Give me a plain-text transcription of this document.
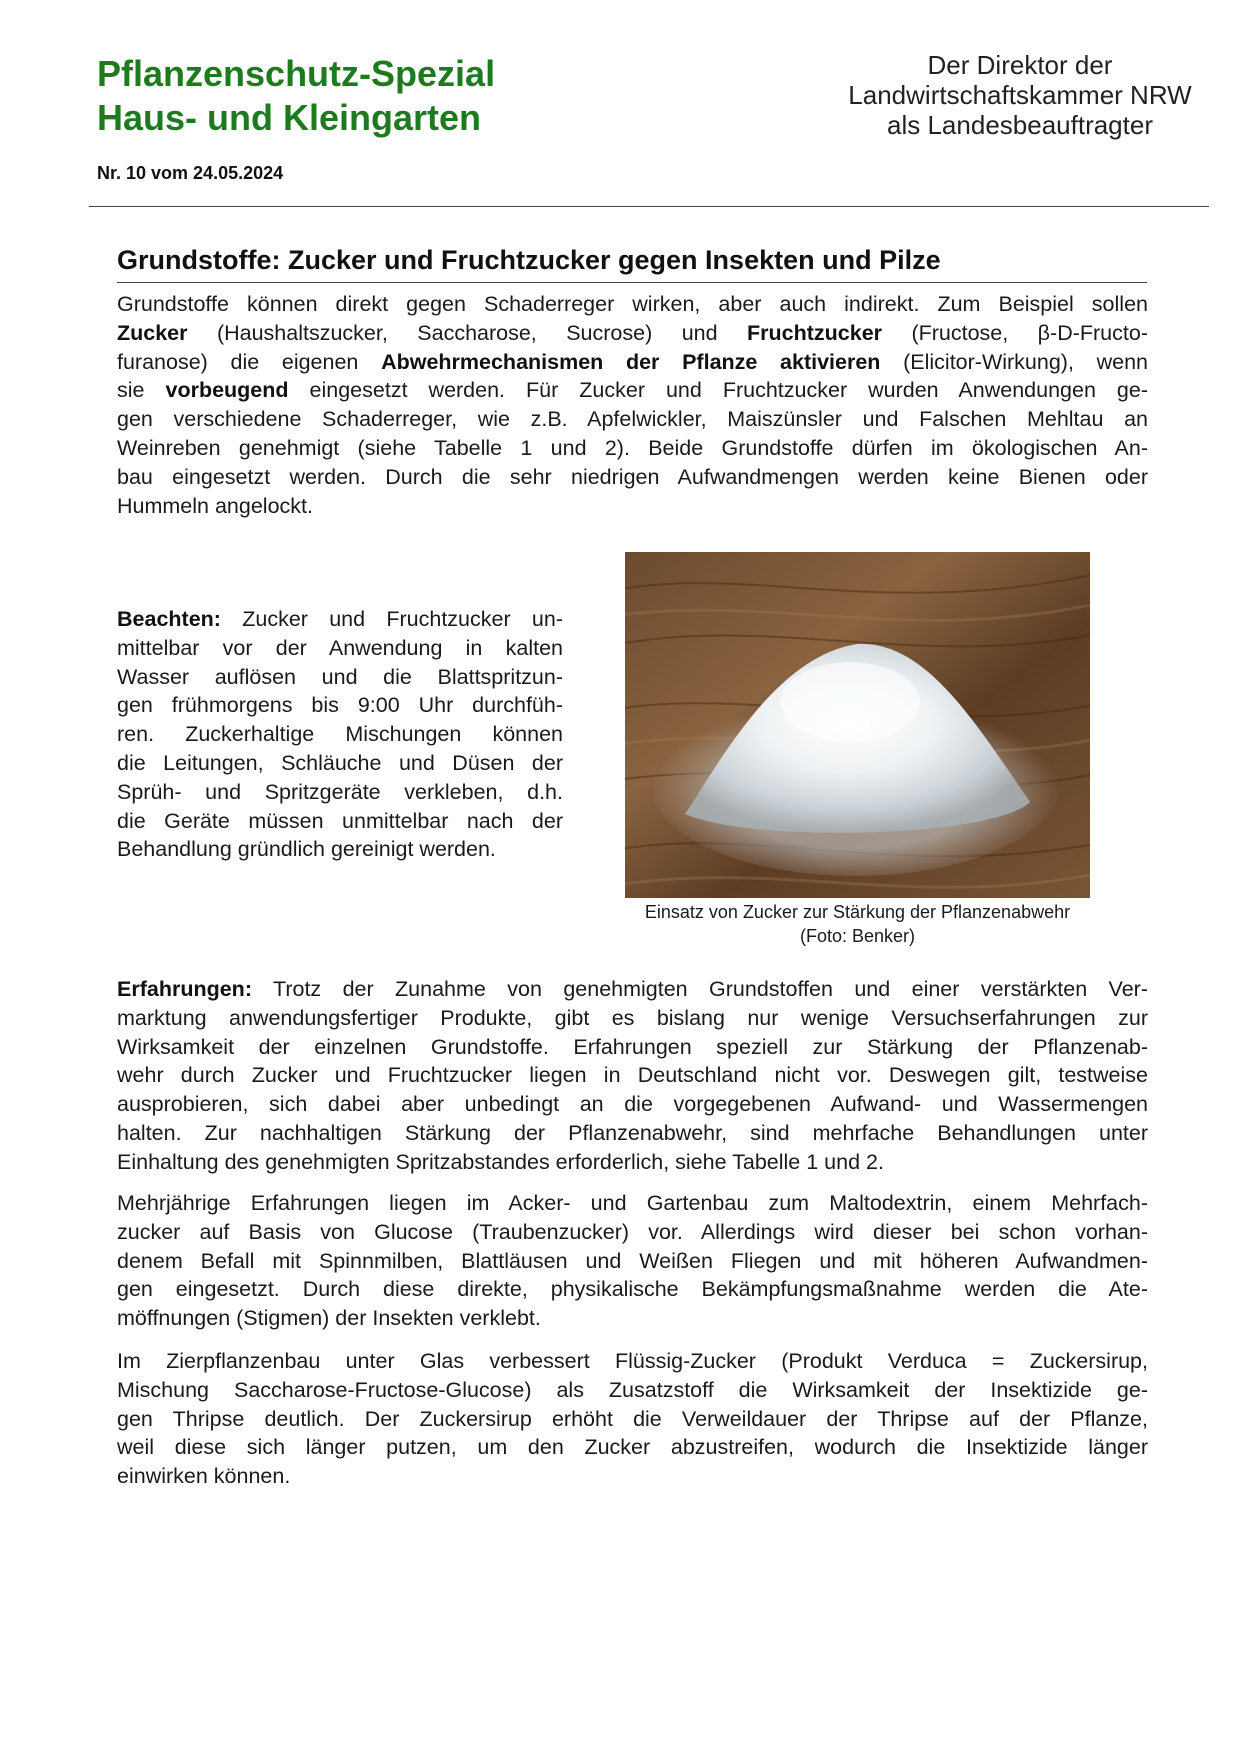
Pflanzenschutz-Spezial
Haus- und Kleingarten
Der Direktor der
Landwirtschaftskammer NRW
als Landesbeauftragter
Nr. 10 vom 24.05.2024
Grundstoffe: Zucker und Fruchtzucker gegen Insekten und Pilze
Grundstoffe können direkt gegen Schaderreger wirken, aber auch indirekt. Zum Beispiel sollen
Zucker (Haushaltszucker, Saccharose, Sucrose) und Fruchtzucker (Fructose, β-D-Fructo-
furanose) die eigenen Abwehrmechanismen der Pflanze aktivieren (Elicitor-Wirkung), wenn
sie vorbeugend eingesetzt werden. Für Zucker und Fruchtzucker wurden Anwendungen ge-
gen verschiedene Schaderreger, wie z.B. Apfelwickler, Maiszünsler und Falschen Mehltau an
Weinreben genehmigt (siehe Tabelle 1 und 2). Beide Grundstoffe dürfen im ökologischen An-
bau eingesetzt werden. Durch die sehr niedrigen Aufwandmengen werden keine Bienen oder
Hummeln angelockt.
Beachten: Zucker und Fruchtzucker un-
mittelbar vor der Anwendung in kalten
Wasser auflösen und die Blattspritzun-
gen frühmorgens bis 9:00 Uhr durchfüh-
ren. Zuckerhaltige Mischungen können
die Leitungen, Schläuche und Düsen der
Sprüh- und Spritzgeräte verkleben, d.h.
die Geräte müssen unmittelbar nach der
Behandlung gründlich gereinigt werden.
Einsatz von Zucker zur Stärkung der Pflanzenabwehr
(Foto: Benker)
Erfahrungen: Trotz der Zunahme von genehmigten Grundstoffen und einer verstärkten Ver-
marktung anwendungsfertiger Produkte, gibt es bislang nur wenige Versuchserfahrungen zur
Wirksamkeit der einzelnen Grundstoffe. Erfahrungen speziell zur Stärkung der Pflanzenab-
wehr durch Zucker und Fruchtzucker liegen in Deutschland nicht vor. Deswegen gilt, testweise
ausprobieren, sich dabei aber unbedingt an die vorgegebenen Aufwand- und Wassermengen
halten. Zur nachhaltigen Stärkung der Pflanzenabwehr, sind mehrfache Behandlungen unter
Einhaltung des genehmigten Spritzabstandes erforderlich, siehe Tabelle 1 und 2.
Mehrjährige Erfahrungen liegen im Acker- und Gartenbau zum Maltodextrin, einem Mehrfach-
zucker auf Basis von Glucose (Traubenzucker) vor. Allerdings wird dieser bei schon vorhan-
denem Befall mit Spinnmilben, Blattläusen und Weißen Fliegen und mit höheren Aufwandmen-
gen eingesetzt. Durch diese direkte, physikalische Bekämpfungsmaßnahme werden die Ate-
möffnungen (Stigmen) der Insekten verklebt.
Im Zierpflanzenbau unter Glas verbessert Flüssig-Zucker (Produkt Verduca = Zuckersirup,
Mischung Saccharose-Fructose-Glucose) als Zusatzstoff die Wirksamkeit der Insektizide ge-
gen Thripse deutlich. Der Zuckersirup erhöht die Verweildauer der Thripse auf der Pflanze,
weil diese sich länger putzen, um den Zucker abzustreifen, wodurch die Insektizide länger
einwirken können.
